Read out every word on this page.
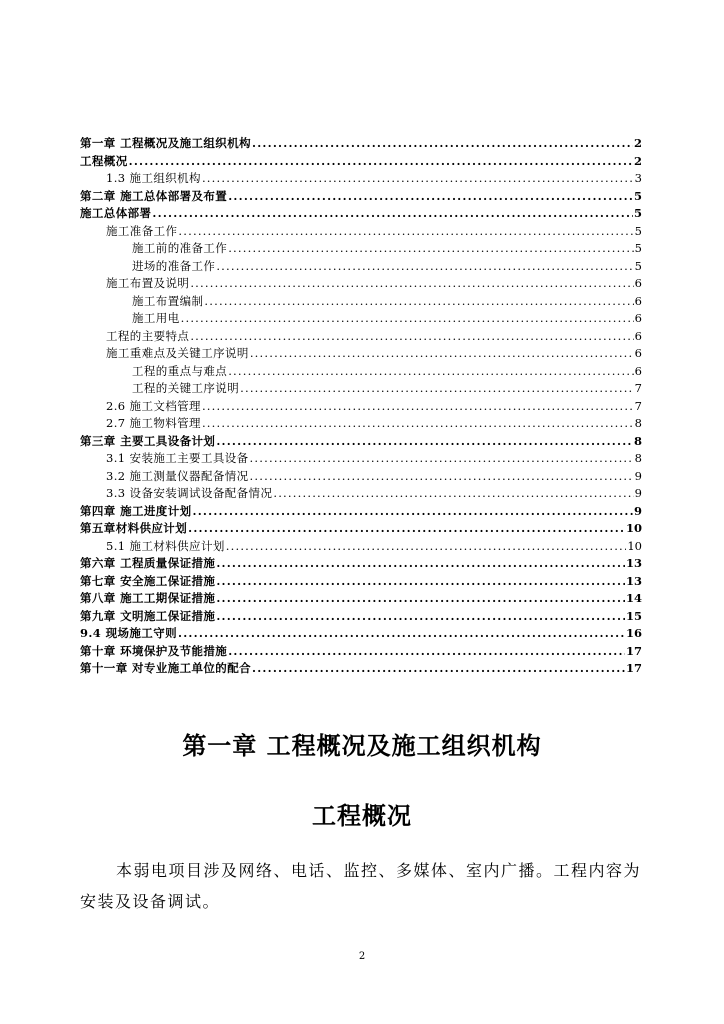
第一章 工程概况及施工组织机构 .....	2
工程概况 .....	2
1.3 施工组织机构 .....	3
第二章 施工总体部署及布置 .....	5
施工总体部署 .....	5
施工准备工作 .....	5
施工前的准备工作 .....	5
进场的准备工作 .....	5
施工布置及说明 .....	6
施工布置编制 .....	6
施工用电 .....	6
工程的主要特点 .....	6
施工重难点及关键工序说明 .....	6
工程的重点与难点 .....	6
工程的关键工序说明 .....	7
2.6 施工文档管理 .....	7
2.7 施工物料管理 .....	8
第三章 主要工具设备计划 .....	8
3.1 安装施工主要工具设备 .....	8
3.2 施工测量仪器配备情况 .....	9
3.3 设备安装调试设备配备情况 .....	9
第四章 施工进度计划 .....	9
第五章材料供应计划 .....	10
5.1 施工材料供应计划 .....	10
第六章 工程质量保证措施 .....	13
第七章 安全施工保证措施 .....	13
第八章 施工工期保证措施 .....	14
第九章 文明施工保证措施 .....	15
9.4 现场施工守则 .....	16
第十章 环境保护及节能措施 .....	17
第十一章 对专业施工单位的配合 .....	17
第一章 工程概况及施工组织机构
工程概况
本弱电项目涉及网络、电话、监控、多媒体、室内广播。工程内容为安装及设备调试。
2
